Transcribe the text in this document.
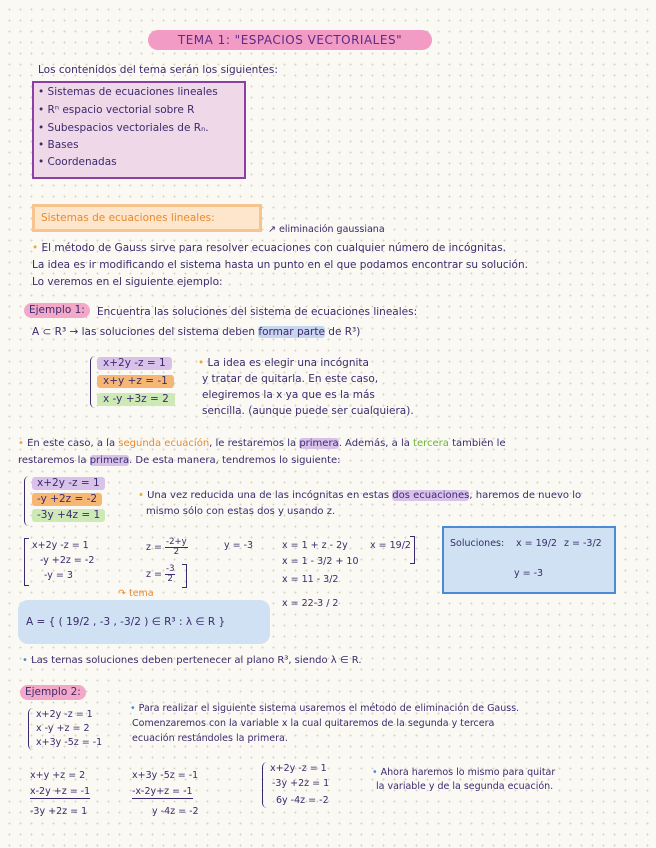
TEMA 1: "ESPACIOS VECTORIALES"
Los contenidos del tema serán los siguientes:
• Sistemas de ecuaciones lineales
• Rⁿ espacio vectorial sobre R
• Subespacios vectoriales de Rₙ.
• Bases
• Coordenadas
Sistemas de ecuaciones lineales:
↗ eliminación gaussiana
• El método de Gauss sirve para resolver ecuaciones con cualquier número de incógnitas.
La idea es ir modificando el sistema hasta un punto en el que podamos encontrar su solución.
Lo veremos en el siguiente ejemplo:
Ejemplo 1:	Encuentra las soluciones del sistema de ecuaciones lineales:
A ⊂ R³ → las soluciones del sistema deben formar parte de R³)
x+2y -z = 1
x+y +z = -1
x -y +3z = 2
• La idea es elegir una incógnita
y tratar de quitarla. En este caso,
elegiremos la x ya que es la más
sencilla. (aunque puede ser cualquiera).
• En este caso, a la segunda ecuación, le restaremos la primera. Además, a la tercera también le
restaremos la primera. De esta manera, tendremos lo siguiente:
x+2y -z = 1
-y +2z = -2
-3y +4z = 1
• Una vez reducida una de las incógnitas en estas dos ecuaciones, haremos de nuevo lo
mismo sólo con estas dos y usando z.
x+2y -z = 1
-y +2z = -2
-y = 3
$z = \frac{-2+y}{2}$	y = -3
$z = \frac{-3}{2}$
x = 1 + z - 2y
x = 1 - 3/2 + 10
x = 11 - 3/2
x = 22-3 / 2
x = 19/2	Soluciones: x = 19/2 z = -3/2
y = -3
↷ tema
A = { ( 19/2 , -3 , -3/2 ) ∈ R³ : λ ∈ R }
• Las ternas soluciones deben pertenecer al plano R³, siendo λ ∈ R.
Ejemplo 2:
x+2y -z = 1
x -y +z = 2
x+3y -5z = -1
• Para realizar el siguiente sistema usaremos el método de eliminación de Gauss.
Comenzaremos con la variable x la cual quitaremos de la segunda y tercera
ecuación restándoles la primera.
x+y +z = 2
x-2y +z = -1
-3y +2z = 1
x+3y -5z = -1
-x-2y+z = -1
y -4z = -2
x+2y -z = 1
-3y +2z = 1
6y -4z = -2
• Ahora haremos lo mismo para quitar
la variable y de la segunda ecuación.
